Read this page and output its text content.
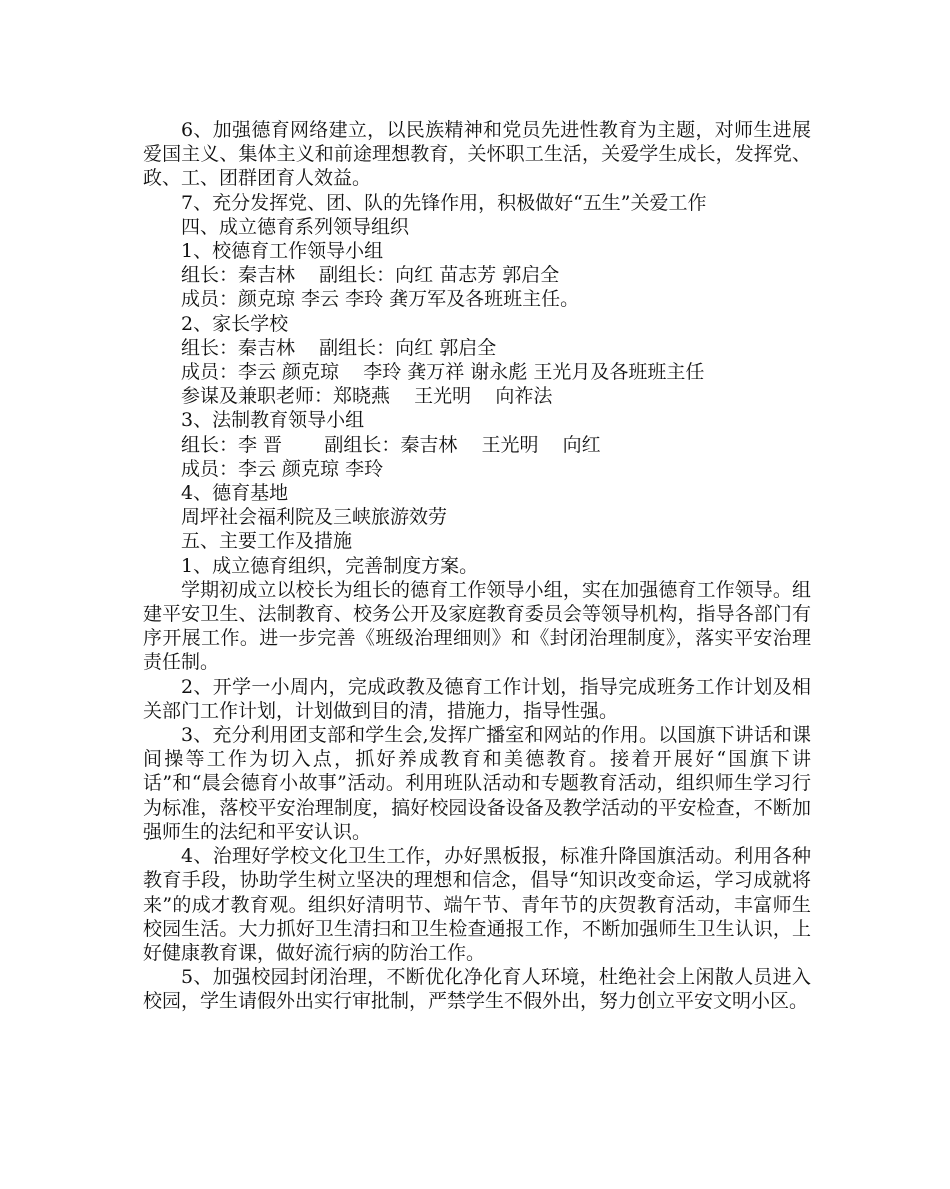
6、加强德育网络建立，以民族精神和党员先进性教育为主题，对师生进展爱国主义、集体主义和前途理想教育，关怀职工生活，关爱学生成长，发挥党、政、工、团群团育人效益。

7、充分发挥党、团、队的先锋作用，积极做好“五生”关爱工作

四、成立德育系列领导组织

1、校德育工作领导小组

组长：秦吉林    副组长：向红 苗志芳 郭启全

成员：颜克琼 李云 李玲 龚万军及各班班主任。

2、家长学校

组长：秦吉林    副组长：向红 郭启全

成员：李云 颜克琼    李玲 龚万祥 谢永彪 王光月及各班班主任

参谋及兼职老师：郑晓燕    王光明    向祚法

3、法制教育领导小组

组长：李 晋       副组长：秦吉林    王光明    向红

成员：李云 颜克琼 李玲

4、德育基地

周坪社会福利院及三峡旅游效劳

五、主要工作及措施

1、成立德育组织，完善制度方案。

学期初成立以校长为组长的德育工作领导小组，实在加强德育工作领导。组建平安卫生、法制教育、校务公开及家庭教育委员会等领导机构，指导各部门有序开展工作。进一步完善《班级治理细则》和《封闭治理制度》，落实平安治理责任制。

2、开学一小周内，完成政教及德育工作计划，指导完成班务工作计划及相关部门工作计划，计划做到目的清，措施力，指导性强。

3、充分利用团支部和学生会,发挥广播室和网站的作用。以国旗下讲话和课间操等工作为切入点，抓好养成教育和美德教育。接着开展好“国旗下讲话”和“晨会德育小故事”活动。利用班队活动和专题教育活动，组织师生学习行为标准，落校平安治理制度，搞好校园设备设备及教学活动的平安检查，不断加强师生的法纪和平安认识。

4、治理好学校文化卫生工作，办好黑板报，标准升降国旗活动。利用各种教育手段，协助学生树立坚决的理想和信念，倡导“知识改变命运，学习成就将来”的成才教育观。组织好清明节、端午节、青年节的庆贺教育活动，丰富师生校园生活。大力抓好卫生清扫和卫生检查通报工作，不断加强师生卫生认识，上好健康教育课，做好流行病的防治工作。

5、加强校园封闭治理，不断优化净化育人环境，杜绝社会上闲散人员进入校园，学生请假外出实行审批制，严禁学生不假外出，努力创立平安文明小区。
